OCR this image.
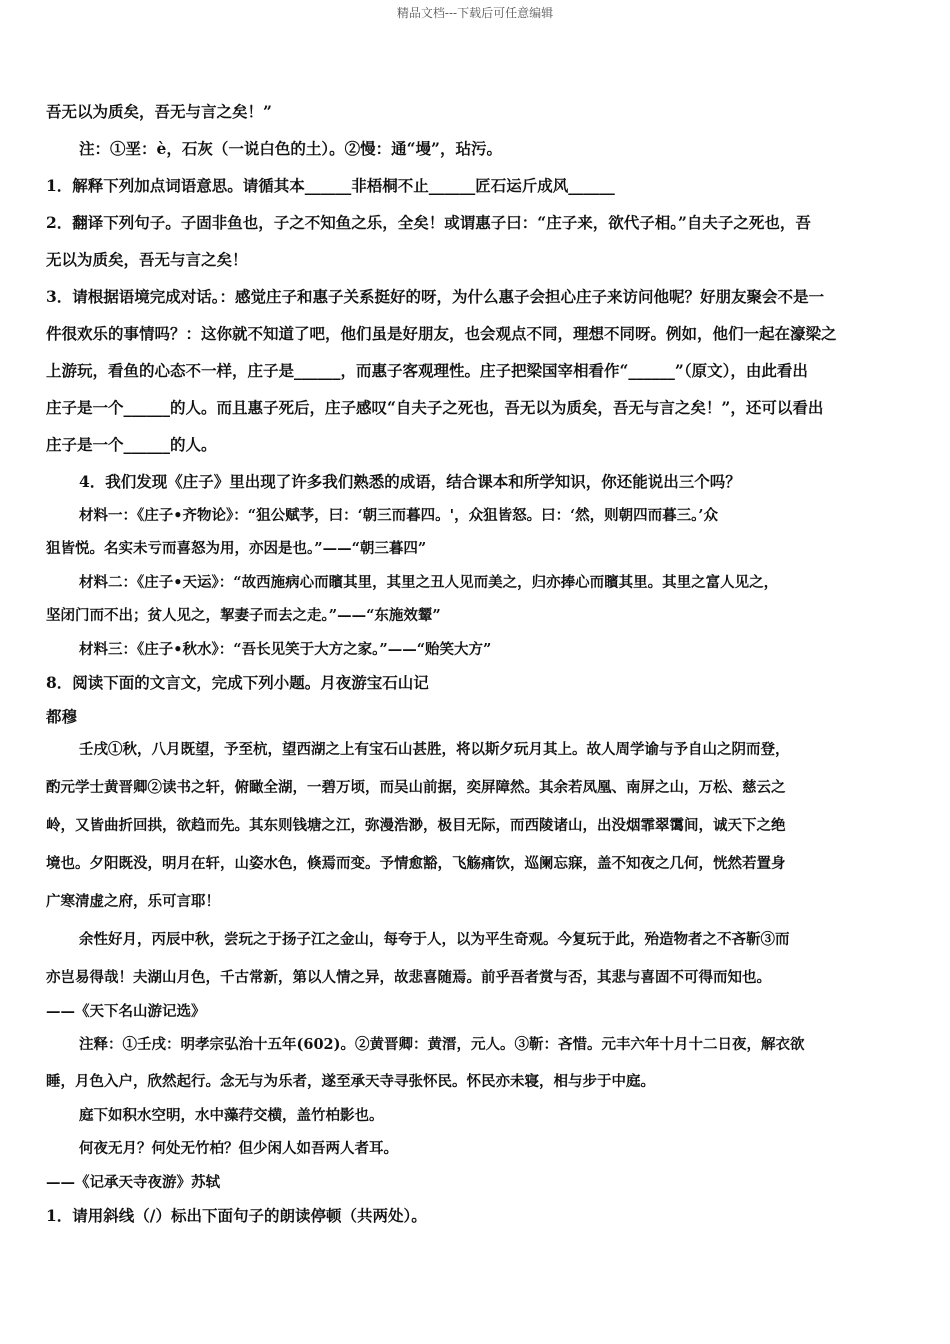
精品文档---下载后可任意编辑

吾无以为质矣，吾无与言之矣！”

注：①垩：è，石灰（一说白色的土）。②慢：通“墁”，玷污。

1．解释下列加点词语意思。请循其本______非梧桐不止______匠石运斤成风______

2．翻译下列句子。子固非鱼也，子之不知鱼之乐，全矣！或谓惠子曰：“庄子来，欲代子相。”自夫子之死也，吾

无以为质矣，吾无与言之矣！

3．请根据语境完成对话。：感觉庄子和惠子关系挺好的呀，为什么惠子会担心庄子来访问他呢？好朋友聚会不是一

件很欢乐的事情吗？：这你就不知道了吧，他们虽是好朋友，也会观点不同，理想不同呀。例如，他们一起在濠梁之

上游玩，看鱼的心态不一样，庄子是______，而惠子客观理性。庄子把梁国宰相看作“______”（原文），由此看出

庄子是一个______的人。而且惠子死后，庄子感叹“自夫子之死也，吾无以为质矣，吾无与言之矣！”，还可以看出

庄子是一个______的人。

4．我们发现《庄子》里出现了许多我们熟悉的成语，结合课本和所学知识，你还能说出三个吗？

材料一：《庄子•齐物论》：“狙公赋芧，曰：‘朝三而暮四。'，众狙皆怒。曰：‘然，则朝四而暮三。’众

狙皆悦。名实未亏而喜怒为用，亦因是也。”——“朝三暮四”

材料二：《庄子•天运》：“故西施病心而矉其里，其里之丑人见而美之，归亦捧心而矉其里。其里之富人见之，

坚闭门而不出；贫人见之，挈妻子而去之走。”——“东施效颦”

材料三：《庄子•秋水》：“吾长见笑于大方之家。”——“贻笑大方”

8．阅读下面的文言文，完成下列小题。月夜游宝石山记

都穆

壬戌①秋，八月既望，予至杭，望西湖之上有宝石山甚胜，将以斯夕玩月其上。故人周学谕与予自山之阴而登，

酌元学士黄晋卿②读书之轩，俯瞰全湖，一碧万顷，而吴山前据，奕屏障然。其余若凤凰、南屏之山，万松、慈云之

岭，又皆曲折回拱，欲趋而先。其东则钱塘之江，弥漫浩渺，极目无际，而西陵诸山，出没烟霏翠霭间，诚天下之绝

境也。夕阳既没，明月在轩，山姿水色，倏焉而变。予情愈豁，飞觞痛饮，巡阑忘寐，盖不知夜之几何，恍然若置身

广寒清虚之府，乐可言耶！

余性好月，丙辰中秋，尝玩之于扬子江之金山，每夸于人，以为平生奇观。今复玩于此，殆造物者之不吝靳③而

亦岂易得哉！夫湖山月色，千古常新，第以人情之异，故悲喜随焉。前乎吾者赏与否，其悲与喜固不可得而知也。

——《天下名山游记选》

注释：①壬戌：明孝宗弘治十五年(602)。②黄晋卿：黄溍，元人。③靳：吝惜。元丰六年十月十二日夜，解衣欲

睡，月色入户，欣然起行。念无与为乐者，遂至承天寺寻张怀民。怀民亦未寝，相与步于中庭。

庭下如积水空明，水中藻荇交横，盖竹柏影也。

何夜无月？何处无竹柏？但少闲人如吾两人者耳。

——《记承天寺夜游》苏轼

1．请用斜线（/）标出下面句子的朗读停顿（共两处）。
